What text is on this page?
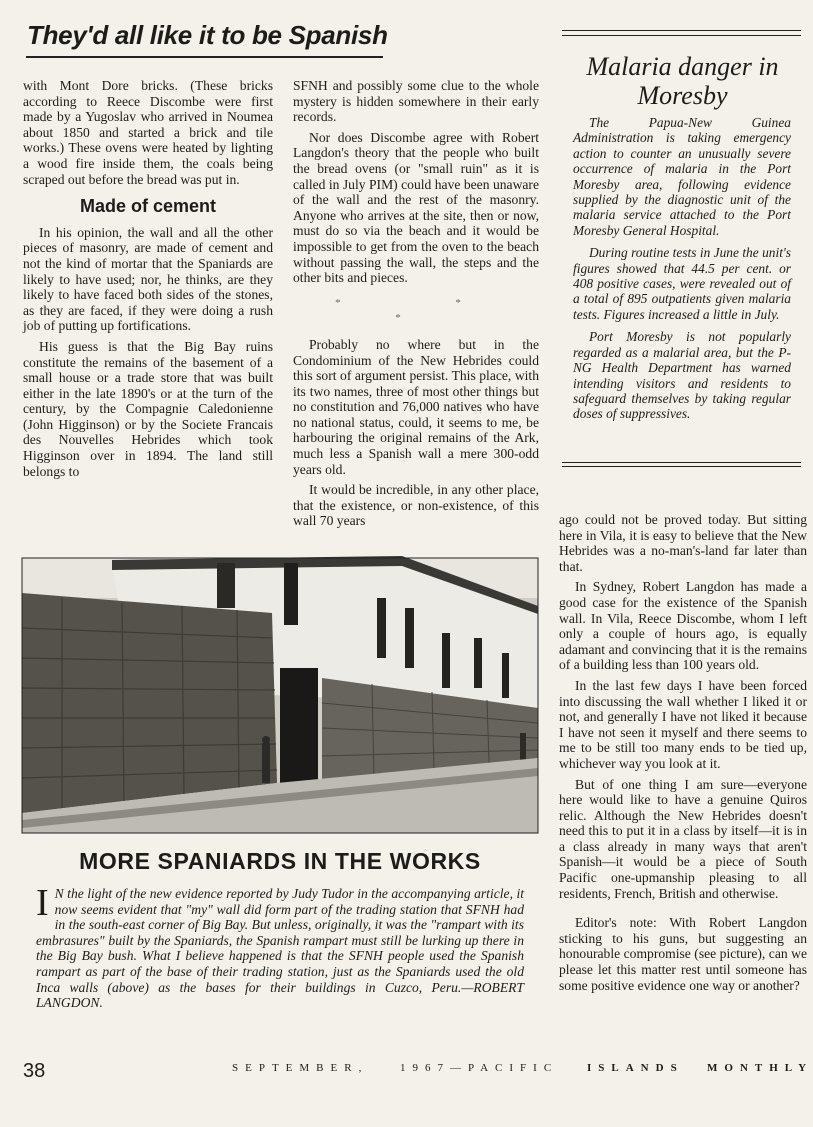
They'd all like it to be Spanish

with Mont Dore bricks. (These bricks according to Reece Discombe were first made by a Yugoslav who arrived in Noumea about 1850 and started a brick and tile works.) These ovens were heated by lighting a wood fire inside them, the coals being scraped out before the bread was put in.

Made of cement

In his opinion, the wall and all the other pieces of masonry, are made of cement and not the kind of mortar that the Spaniards are likely to have used; nor, he thinks, are they likely to have faced both sides of the stones, as they are faced, if they were doing a rush job of putting up fortifications.

His guess is that the Big Bay ruins constitute the remains of the basement of a small house or a trade store that was built either in the late 1890's or at the turn of the century, by the Compagnie Caledonienne (John Higginson) or by the Societe Francais des Nouvelles Hebrides which took Higginson over in 1894. The land still belongs to

SFNH and possibly some clue to the whole mystery is hidden somewhere in their early records.

Nor does Discombe agree with Robert Langdon's theory that the people who built the bread ovens (or "small ruin" as it is called in July PIM) could have been unaware of the wall and the rest of the masonry. Anyone who arrives at the site, then or now, must do so via the beach and it would be impossible to get from the oven to the beach without passing the wall, the steps and the other bits and pieces.

* * *

Probably no where but in the Condominium of the New Hebrides could this sort of argument persist. This place, with its two names, three of most other things but no constitution and 76,000 natives who have no national status, could, it seems to me, be harbouring the original remains of the Ark, much less a Spanish wall a mere 300-odd years old.

It would be incredible, in any other place, that the existence, or non-existence, of this wall 70 years

Malaria danger in Moresby

The Papua-New Guinea Administration is taking emergency action to counter an unusually severe occurrence of malaria in the Port Moresby area, following evidence supplied by the diagnostic unit of the malaria service attached to the Port Moresby General Hospital.

During routine tests in June the unit's figures showed that 44.5 per cent. or 408 positive cases, were revealed out of a total of 895 outpatients given malaria tests. Figures increased a little in July.

Port Moresby is not popularly regarded as a malarial area, but the P-NG Health Department has warned intending visitors and residents to safeguard themselves by taking regular doses of suppressives.

ago could not be proved today. But sitting here in Vila, it is easy to believe that the New Hebrides was a no-man's-land far later than that.

In Sydney, Robert Langdon has made a good case for the existence of the Spanish wall. In Vila, Reece Discombe, whom I left only a couple of hours ago, is equally adamant and convincing that it is the remains of a building less than 100 years old.

In the last few days I have been forced into discussing the wall whether I liked it or not, and generally I have not liked it because I have not seen it myself and there seems to me to be still too many ends to be tied up, whichever way you look at it.

But of one thing I am sure—everyone here would like to have a genuine Quiros relic. Although the New Hebrides doesn't need this to put it in a class by itself—it is in a class already in many ways that aren't Spanish—it would be a piece of South Pacific one-upmanship pleasing to all residents, French, British and otherwise.

Editor's note: With Robert Langdon sticking to his guns, but suggesting an honourable compromise (see picture), can we please let this matter rest until someone has some positive evidence one way or another?

MORE SPANIARDS IN THE WORKS
I N the light of the new evidence reported by Judy Tudor in the accompanying article, it now seems evident that "my" wall did form part of the trading station that SFNH had in the south-east corner of Big Bay. But unless, originally, it was the "rampart with its embrasures" built by the Spaniards, the Spanish rampart must still be lurking up there in the Big Bay bush. What I believe happened is that the SFNH people used the Spanish rampart as part of the base of their trading station, just as the Spaniards used the old Inca walls (above) as the bases for their buildings in Cuzco, Peru.—ROBERT LANGDON.
38	SEPTEMBER,	1967—PACIFIC	ISLANDS MONTHLY
